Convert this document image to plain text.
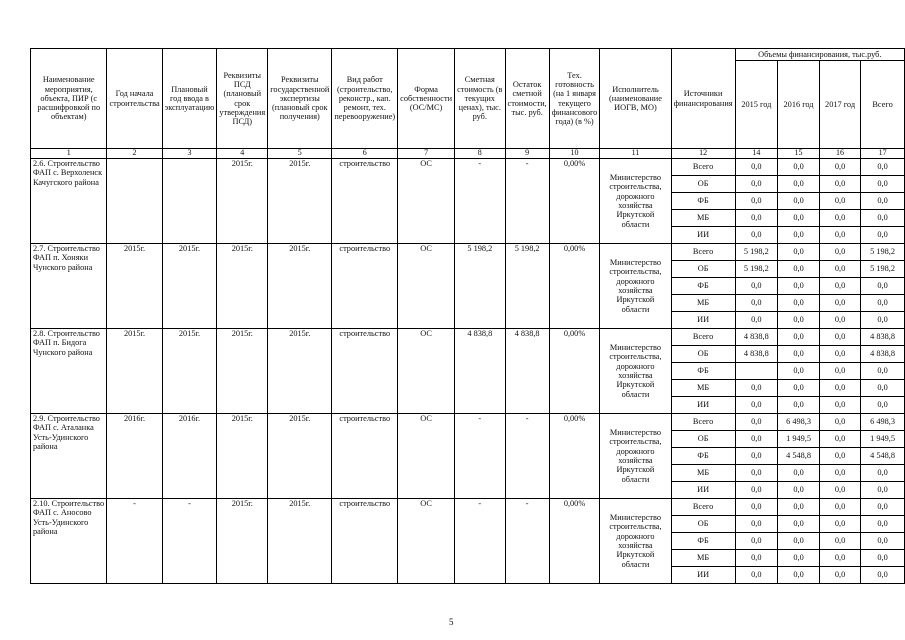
Наименование мероприятия, объекта, ПИР (с расшифровкой по объектам)	Год начала строительства	Плановый год ввода в эксплуатацию	Реквизиты ПСД (плановый срок утверждения ПСД)	Реквизиты государственной экспертизы (плановый срок получения)	Вид работ (строительство, реконстр., кап. ремонт, тех. перевооружение)	Форма собственности (ОС/МС)	Сметная стоимость (в текущих ценах), тыс. руб.	Остаток сметной стоимости, тыс. руб.	Тех. готовность (на 1 января текущего финансового года) (в %)	Исполнитель (наименование ИОГВ, МО)	Источники финансирования	Объемы финансирования, тыс.руб.			
												2015 год	2016 год	2017 год	Всего
1	2	3	4	5	6	7	8	9	10	11	12	14	15	16	17
2.6. Строительство ФАП с. Верхоленск Качугского района			2015г.	2015г.	строительство	ОС	-	-	0,00%	Министерство строительства, дорожного хозяйства Иркутской области	Всего	0,0	0,0	0,0	0,0
											ОБ	0,0	0,0	0,0	0,0
											ФБ	0,0	0,0	0,0	0,0
											МБ	0,0	0,0	0,0	0,0
											ИИ	0,0	0,0	0,0	0,0
2.7. Строительство ФАП п. Хоняки Чунского района	2015г.	2015г.	2015г.	2015г.	строительство	ОС	5 198,2	5 198,2	0,00%	Министерство строительства, дорожного хозяйства Иркутской области	Всего	5 198,2	0,0	0,0	5 198,2
											ОБ	5 198,2	0,0	0,0	5 198,2
											ФБ	0,0	0,0	0,0	0,0
											МБ	0,0	0,0	0,0	0,0
											ИИ	0,0	0,0	0,0	0,0
2.8. Строительство ФАП п. Бидога Чунского района	2015г.	2015г.	2015г.	2015г.	строительство	ОС	4 838,8	4 838,8	0,00%	Министерство строительства, дорожного хозяйства Иркутской области	Всего	4 838,8	0,0	0,0	4 838,8
											ОБ	4 838,8	0,0	0,0	4 838,8
											ФБ		0,0	0,0	0,0
											МБ	0,0	0,0	0,0	0,0
											ИИ	0,0	0,0	0,0	0,0
2.9. Строительство ФАП с. Аталанка Усть-Удинского района	2016г.	2016г.	2015г.	2015г.	строительство	ОС	-	-	0,00%	Министерство строительства, дорожного хозяйства Иркутской области	Всего	0,0	6 498,3	0,0	6 498,3
											ОБ	0,0	1 949,5	0,0	1 949,5
											ФБ	0,0	4 548,8	0,0	4 548,8
											МБ	0,0	0,0	0,0	0,0
											ИИ	0,0	0,0	0,0	0,0
2.10. Строительство ФАП с. Аносово Усть-Удинского района	-	-	2015г.	2015г.	строительство	ОС	-	-	0,00%	Министерство строительства, дорожного хозяйства Иркутской области	Всего	0,0	0,0	0,0	0,0
											ОБ	0,0	0,0	0,0	0,0
											ФБ	0,0	0,0	0,0	0,0
											МБ	0,0	0,0	0,0	0,0
											ИИ	0,0	0,0	0,0	0,0
5
